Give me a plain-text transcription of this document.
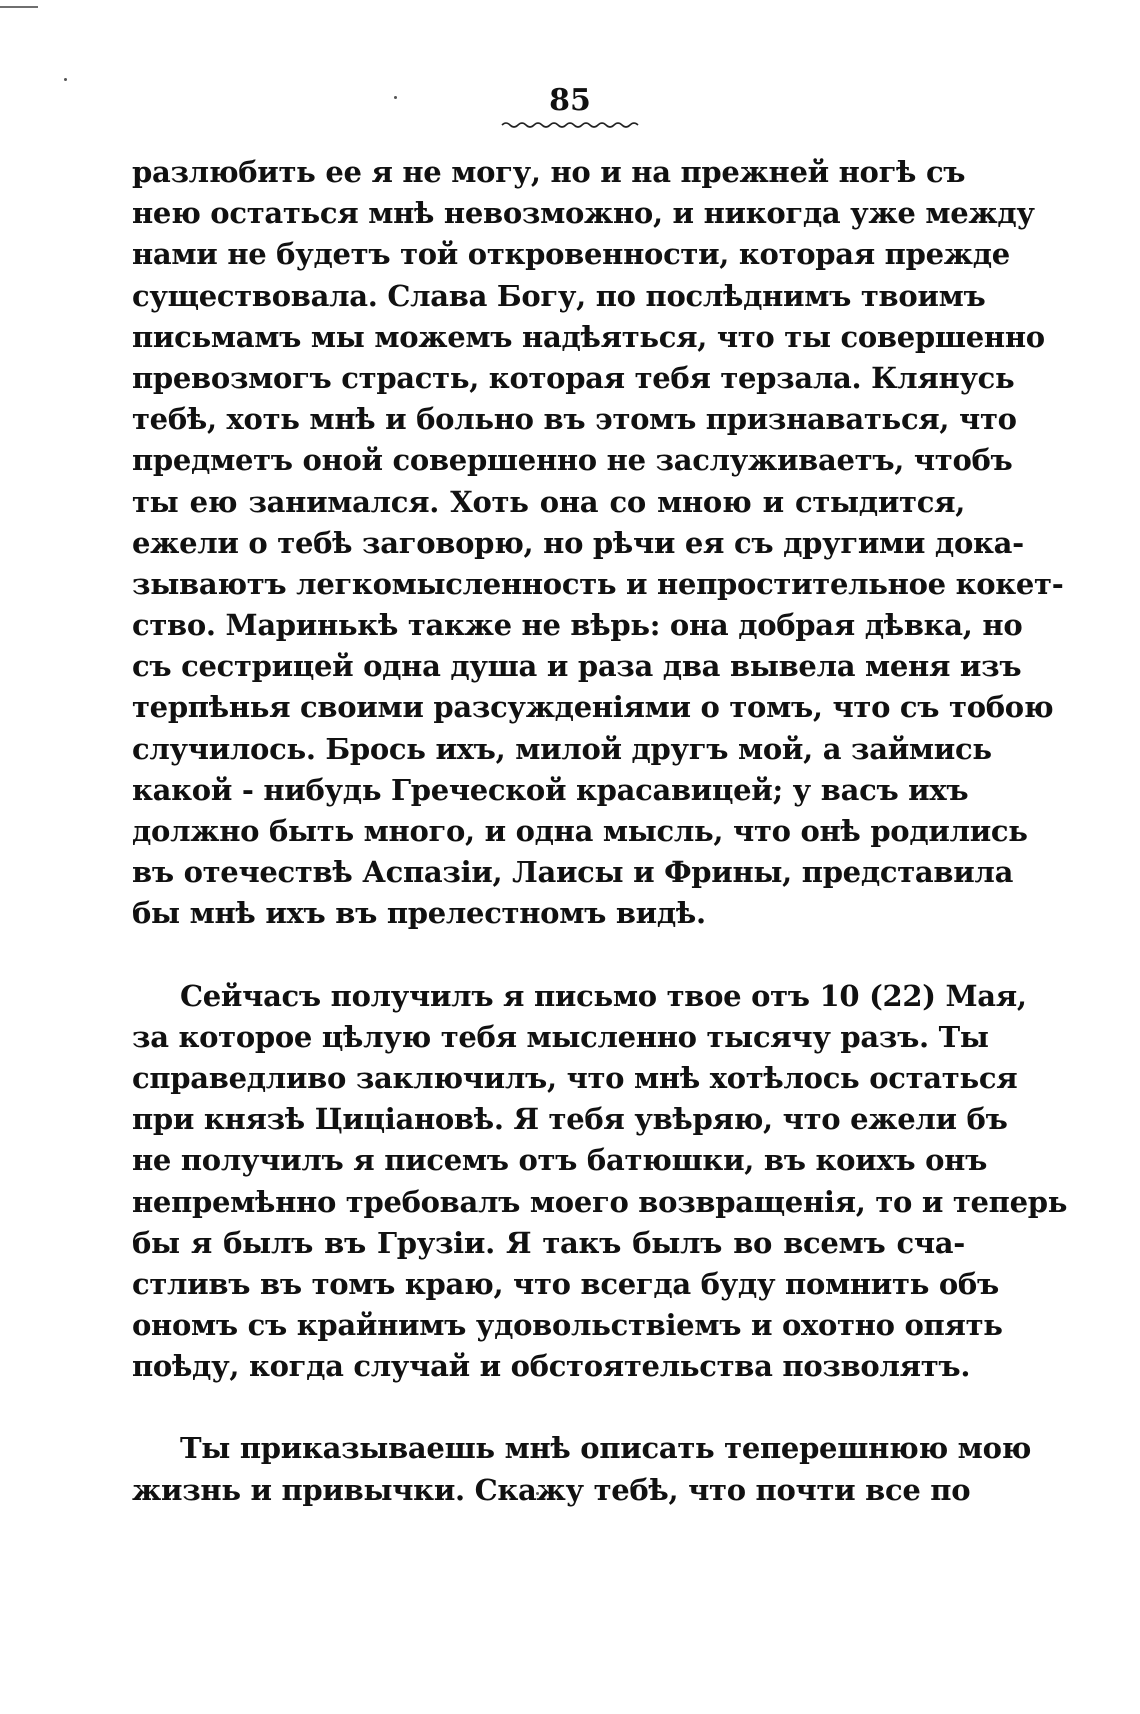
85
разлюбить ее я не могу, но и на прежней ногѣ съ
нею остаться мнѣ невозможно, и никогда уже между
нами не будетъ той откровенности, которая прежде
существовала. Слава Богу, по послѣднимъ твоимъ
письмамъ мы можемъ надѣяться, что ты совершенно
превозмогъ страсть, которая тебя терзала. Клянусь
тебѣ, хоть мнѣ и больно въ этомъ признаваться, что
предметъ оной совершенно не заслуживаетъ, чтобъ
ты ею занимался. Хоть она со мною и стыдится,
ежели о тебѣ заговорю, но рѣчи ея съ другими дока-
зываютъ легкомысленность и непростительное кокет-
ство. Маринькѣ также не вѣрь: она добрая дѣвка, но
съ сестрицей одна душа и раза два вывела меня изъ
терпѣнья своими разсужденіями о томъ, что съ тобою
случилось. Брось ихъ, милой другъ мой, а займись
какой - нибудь Греческой красавицей; у васъ ихъ
должно быть много, и одна мысль, что онѣ родились
въ отечествѣ Аспазіи, Лаисы и Фрины, представила
бы мнѣ ихъ въ прелестномъ видѣ.
Сейчасъ получилъ я письмо твое отъ 10 (22) Мая,
за которое цѣлую тебя мысленно тысячу разъ. Ты
справедливо заключилъ, что мнѣ хотѣлось остаться
при князѣ Циціановѣ. Я тебя увѣряю, что ежели бъ
не получилъ я писемъ отъ батюшки, въ коихъ онъ
непремѣнно требовалъ моего возвращенія, то и теперь
бы я былъ въ Грузіи. Я такъ былъ во всемъ сча-
стливъ въ томъ краю, что всегда буду помнить объ
ономъ съ крайнимъ удовольствіемъ и охотно опять
поѣду, когда случай и обстоятельства позволятъ.
Ты приказываешь мнѣ описать теперешнюю мою
жизнь и привычки. Скажу тебѣ, что почти все по
